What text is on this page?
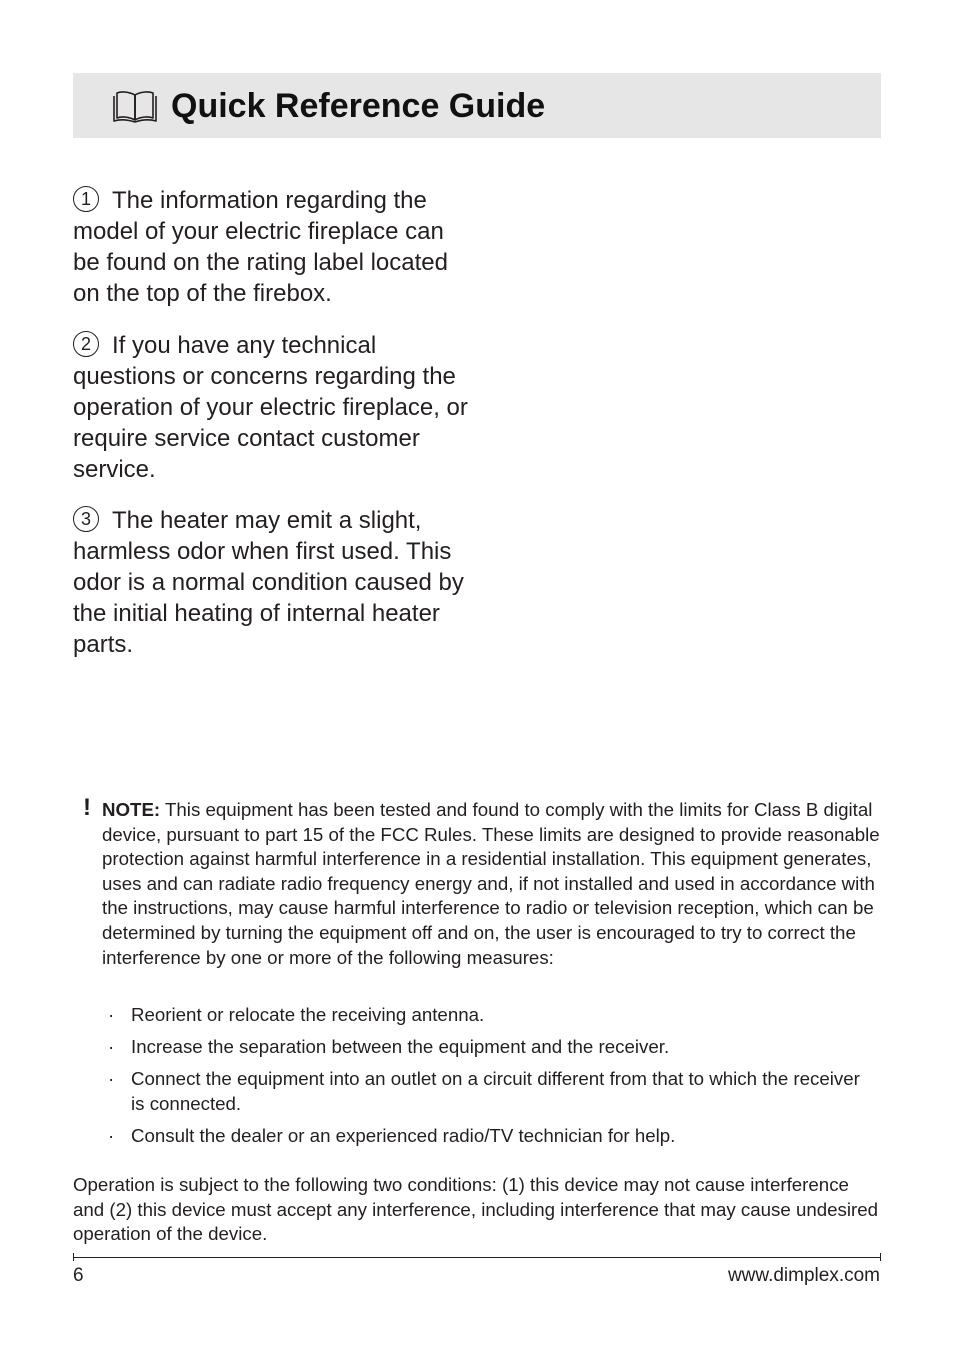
Quick Reference Guide
1 The information regarding the model of your electric fireplace can be found on the rating label located on the top of the firebox.
2 If you have any technical questions or concerns regarding the operation of your electric fireplace, or require service contact customer service.
3 The heater may emit a slight, harmless odor when first used. This odor is a normal condition caused by the initial heating of internal heater parts.
! NOTE: This equipment has been tested and found to comply with the limits for Class B digital device, pursuant to part 15 of the FCC Rules. These limits are designed to provide reasonable protection against harmful interference in a residential installation. This equipment generates, uses and can radiate radio frequency energy and, if not installed and used in accordance with the instructions, may cause harmful interference to radio or television reception, which can be determined by turning the equipment off and on, the user is encouraged to try to correct the interference by one or more of the following measures:
· Reorient or relocate the receiving antenna.
· Increase the separation between the equipment and the receiver.
· Connect the equipment into an outlet on a circuit different from that to which the receiver is connected.
· Consult the dealer or an experienced radio/TV technician for help.
Operation is subject to the following two conditions: (1) this device may not cause interference and (2) this device must accept any interference, including interference that may cause undesired operation of the device.
6	www.dimplex.com
